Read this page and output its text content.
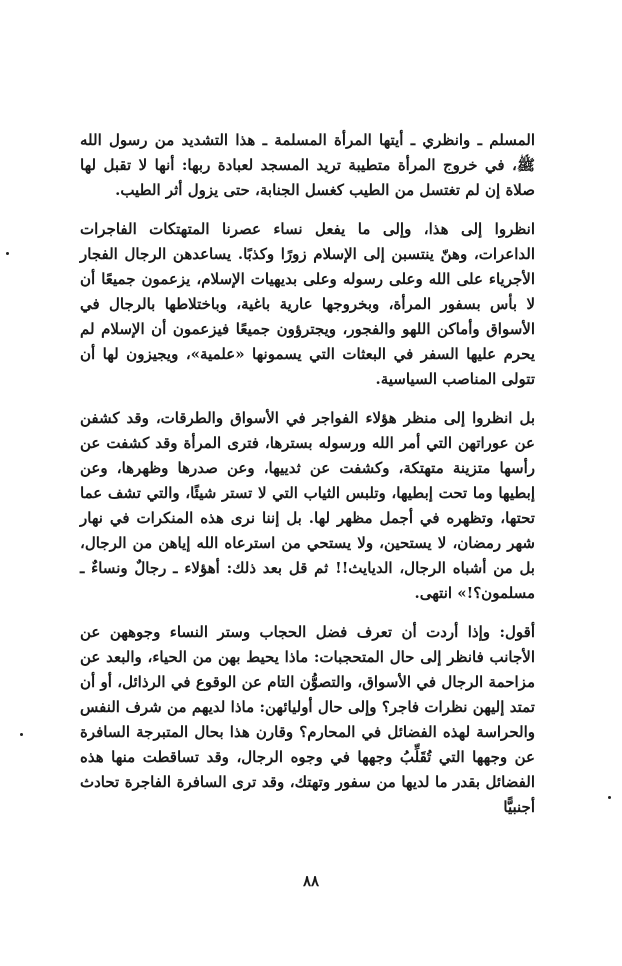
المسلم ـ وانظري ـ أيتها المرأة المسلمة ـ هذا التشديد من رسول الله ﷺ، في خروج المرأة متطيبة تريد المسجد لعبادة ربها: أنها لا تقبل لها صلاة إن لم تغتسل من الطيب كغسل الجنابة، حتى يزول أثر الطيب.

انظروا إلى هذا، وإلى ما يفعل نساء عصرنا المتهتكات الفاجرات الداعرات، وهنّ ينتسبن إلى الإسلام زورًا وكذبًا. يساعدهن الرجال الفجار الأجرياء على الله وعلى رسوله وعلى بديهيات الإسلام، يزعمون جميعًا أن لا بأس بسفور المرأة، وبخروجها عارية باغية، وباختلاطها بالرجال في الأسواق وأماكن اللهو والفجور، ويجترؤون جميعًا فيزعمون أن الإسلام لم يحرم عليها السفر في البعثات التي يسمونها «علمية»، ويجيزون لها أن تتولى المناصب السياسية.

بل انظروا إلى منظر هؤلاء الفواجر في الأسواق والطرقات، وقد كشفن عن عوراتهن التي أمر الله ورسوله بسترها، فترى المرأة وقد كشفت عن رأسها متزينة متهتكة، وكشفت عن ثدييها، وعن صدرها وظهرها، وعن إبطيها وما تحت إبطيها، وتلبس الثياب التي لا تستر شيئًا، والتي تشف عما تحتها، وتظهره في أجمل مظهر لها. بل إننا نرى هذه المنكرات في نهار شهر رمضان، لا يستحين، ولا يستحي من استرعاه الله إياهن من الرجال، بل من أشباه الرجال، الديايث!! ثم قل بعد ذلك: أهؤلاء ـ رجالٌ ونساءٌ ـ مسلمون؟!» انتهى.

أقول: وإذا أردت أن تعرف فضل الحجاب وستر النساء وجوههن عن الأجانب فانظر إلى حال المتحجبات: ماذا يحيط بهن من الحياء، والبعد عن مزاحمة الرجال في الأسواق، والتصوُّن التام عن الوقوع في الرذائل، أو أن تمتد إليهن نظرات فاجر؟ وإلى حال أوليائهن: ماذا لديهم من شرف النفس والحراسة لهذه الفضائل في المحارم؟ وقارن هذا بحال المتبرجة السافرة عن وجهها التي تُقَلِّبُ وجهها في وجوه الرجال، وقد تساقطت منها هذه الفضائل بقدر ما لديها من سفور وتهتك، وقد ترى السافرة الفاجرة تحادث أجنبيًّا

٨٨
